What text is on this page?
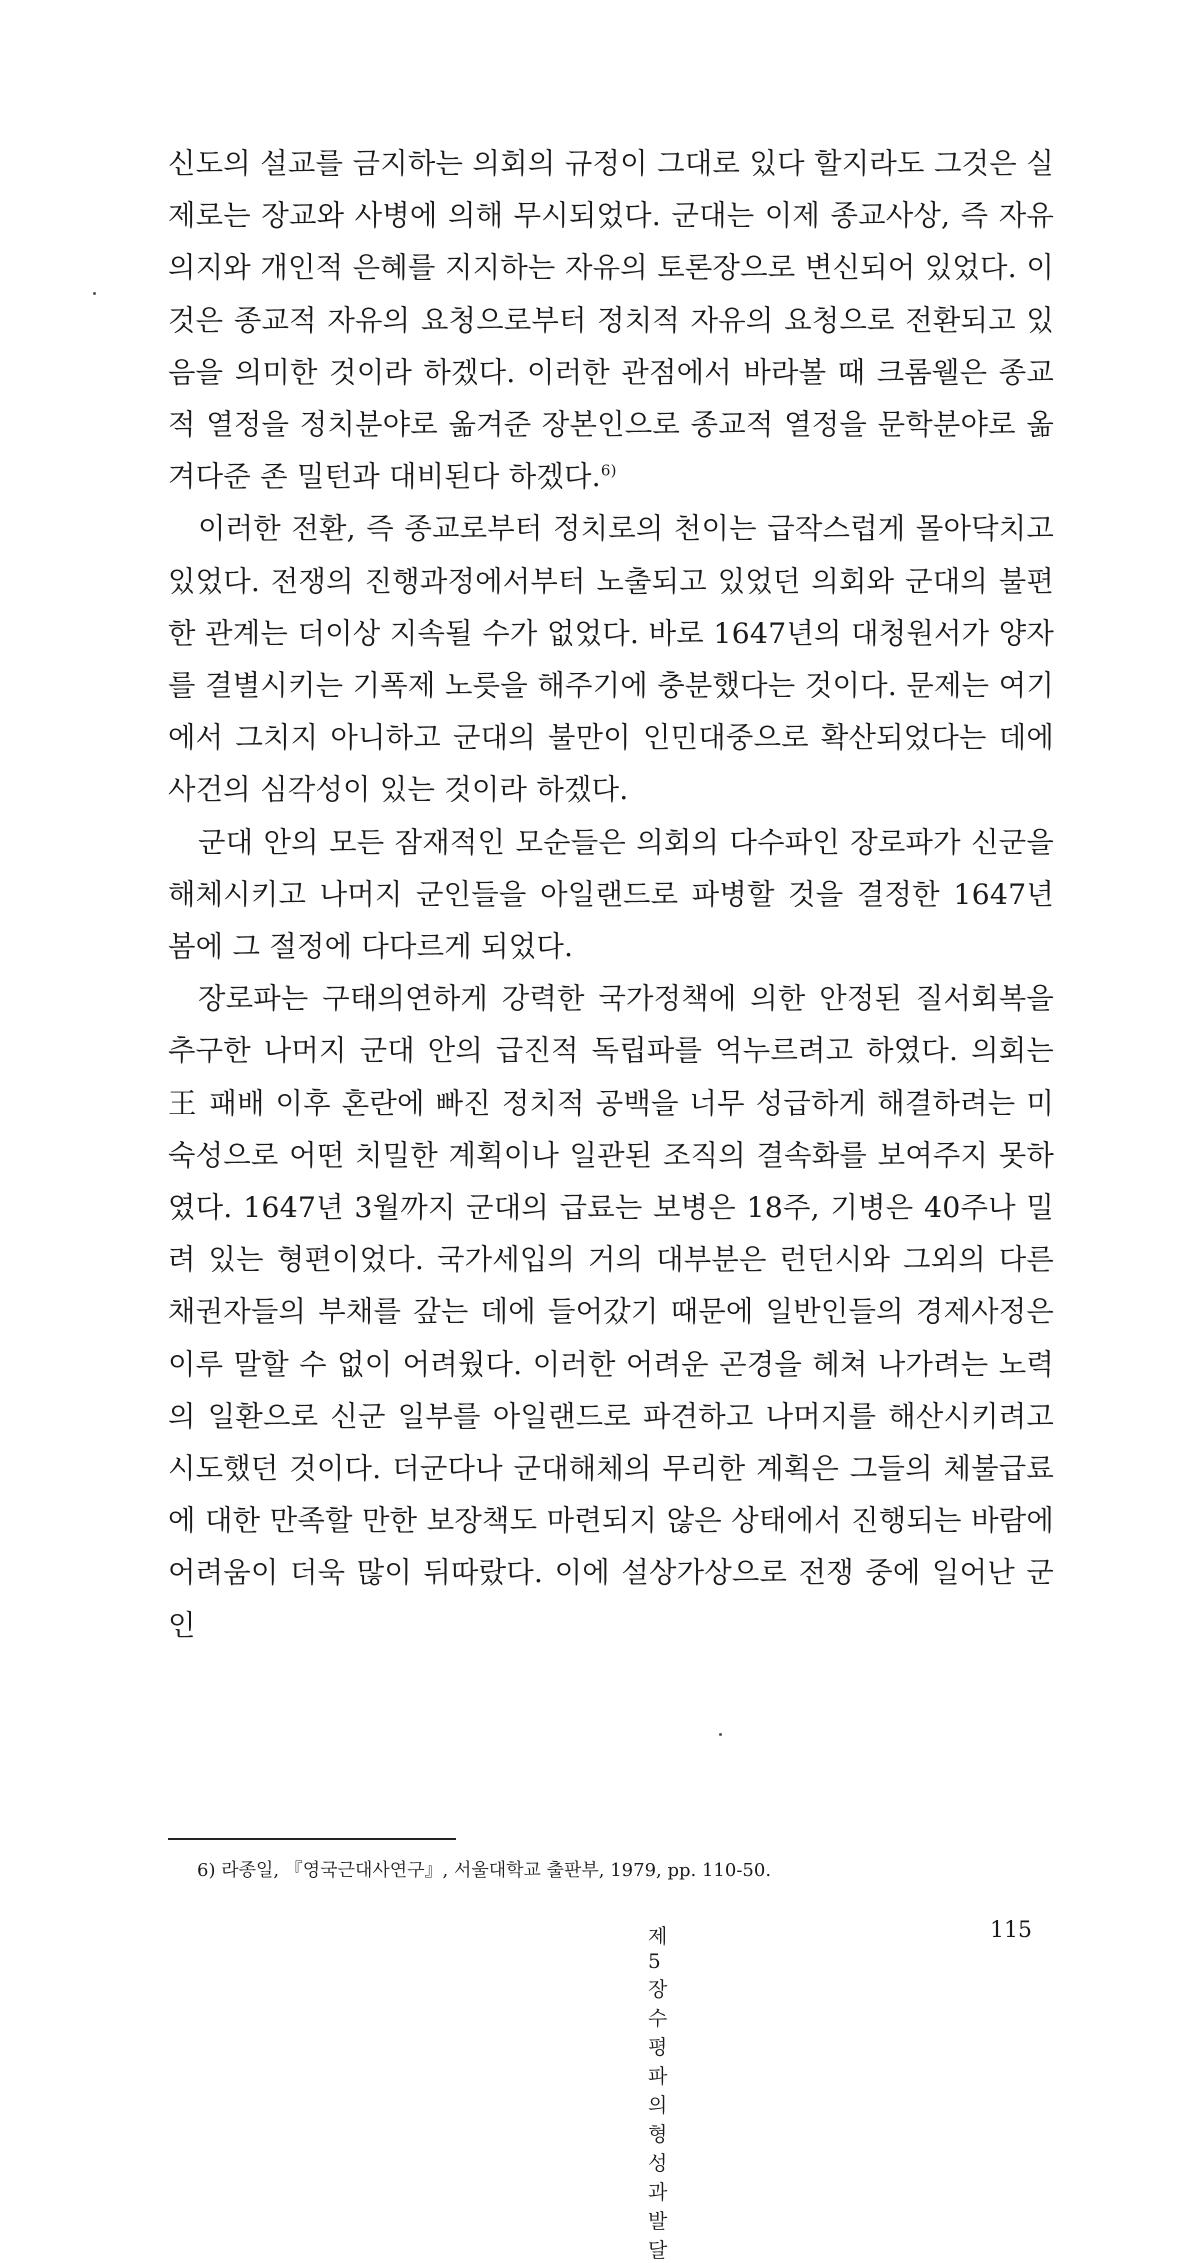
신도의 설교를 금지하는 의회의 규정이 그대로 있다 할지라도 그것은 실제로는 장교와 사병에 의해 무시되었다. 군대는 이제 종교사상, 즉 자유의지와 개인적 은혜를 지지하는 자유의 토론장으로 변신되어 있었다. 이것은 종교적 자유의 요청으로부터 정치적 자유의 요청으로 전환되고 있음을 의미한 것이라 하겠다. 이러한 관점에서 바라볼 때 크롬웰은 종교적 열정을 정치분야로 옮겨준 장본인으로 종교적 열정을 문학분야로 옮겨다준 존 밀턴과 대비된다 하겠다.$^{6)}$

이러한 전환, 즉 종교로부터 정치로의 천이는 급작스럽게 몰아닥치고 있었다. 전쟁의 진행과정에서부터 노출되고 있었던 의회와 군대의 불편한 관계는 더이상 지속될 수가 없었다. 바로 1647년의 대청원서가 양자를 결별시키는 기폭제 노릇을 해주기에 충분했다는 것이다. 문제는 여기에서 그치지 아니하고 군대의 불만이 인민대중으로 확산되었다는 데에 사건의 심각성이 있는 것이라 하겠다.

군대 안의 모든 잠재적인 모순들은 의회의 다수파인 장로파가 신군을 해체시키고 나머지 군인들을 아일랜드로 파병할 것을 결정한 1647년 봄에 그 절정에 다다르게 되었다.

장로파는 구태의연하게 강력한 국가정책에 의한 안정된 질서회복을 추구한 나머지 군대 안의 급진적 독립파를 억누르려고 하였다. 의회는 王 패배 이후 혼란에 빠진 정치적 공백을 너무 성급하게 해결하려는 미숙성으로 어떤 치밀한 계획이나 일관된 조직의 결속화를 보여주지 못하였다. 1647년 3월까지 군대의 급료는 보병은 18주, 기병은 40주나 밀려 있는 형편이었다. 국가세입의 거의 대부분은 런던시와 그외의 다른 채권자들의 부채를 갚는 데에 들어갔기 때문에 일반인들의 경제사정은 이루 말할 수 없이 어려웠다. 이러한 어려운 곤경을 헤쳐 나가려는 노력의 일환으로 신군 일부를 아일랜드로 파견하고 나머지를 해산시키려고 시도했던 것이다. 더군다나 군대해체의 무리한 계획은 그들의 체불급료에 대한 만족할 만한 보장책도 마련되지 않은 상태에서 진행되는 바람에 어려움이 더욱 많이 뒤따랐다. 이에 설상가상으로 전쟁 중에 일어난 군인

6) 라종일, 『영국근대사연구』, 서울대학교 출판부, 1979, pp. 110-50.
제 5 장 수평파의 형성과 발달
115
